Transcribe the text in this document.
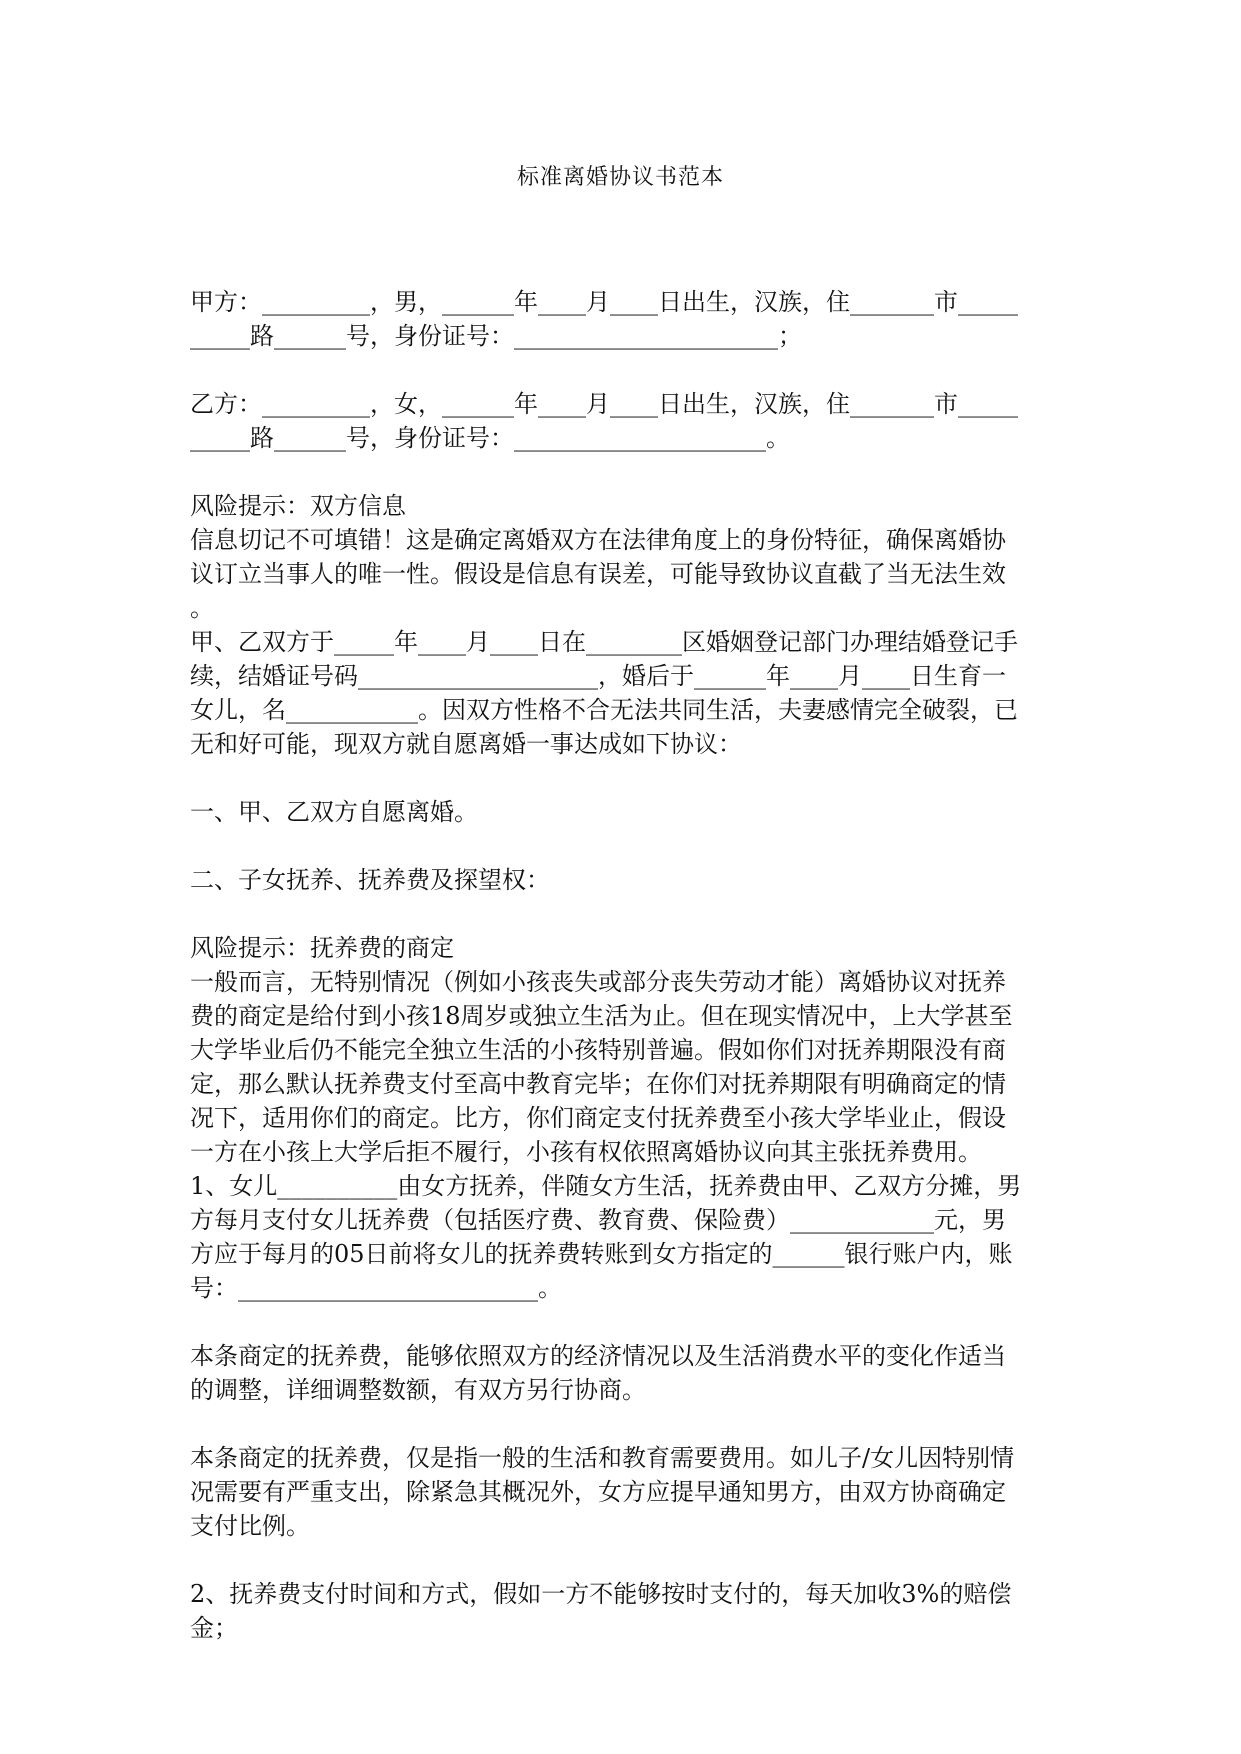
标准离婚协议书范本
甲方：_________，男，______年____月____日出生，汉族，住_______市_____
_____路______号，身份证号：______________________；
乙方：_________，女，______年____月____日出生，汉族，住_______市_____
_____路______号，身份证号：_____________________。
风险提示：双方信息
信息切记不可填错！这是确定离婚双方在法律角度上的身份特征，确保离婚协
议订立当事人的唯一性。假设是信息有误差，可能导致协议直截了当无法生效
。
甲、乙双方于_____年____月____日在________区婚姻登记部门办理结婚登记手
续，结婚证号码____________________，婚后于______年____月____日生育一
女儿，名___________。因双方性格不合无法共同生活，夫妻感情完全破裂，已
无和好可能，现双方就自愿离婚一事达成如下协议：
一、甲、乙双方自愿离婚。
二、子女抚养、抚养费及探望权：
风险提示：抚养费的商定
一般而言，无特别情况（例如小孩丧失或部分丧失劳动才能）离婚协议对抚养
费的商定是给付到小孩18周岁或独立生活为止。但在现实情况中，上大学甚至
大学毕业后仍不能完全独立生活的小孩特别普遍。假如你们对抚养期限没有商
定，那么默认抚养费支付至高中教育完毕；在你们对抚养期限有明确商定的情
况下，适用你们的商定。比方，你们商定支付抚养费至小孩大学毕业止，假设
一方在小孩上大学后拒不履行，小孩有权依照离婚协议向其主张抚养费用。
1、女儿__________由女方抚养，伴随女方生活，抚养费由甲、乙双方分摊，男
方每月支付女儿抚养费（包括医疗费、教育费、保险费）____________元，男
方应于每月的05日前将女儿的抚养费转账到女方指定的______银行账户内，账
号：_________________________。
本条商定的抚养费，能够依照双方的经济情况以及生活消费水平的变化作适当
的调整，详细调整数额，有双方另行协商。
本条商定的抚养费，仅是指一般的生活和教育需要费用。如儿子/女儿因特别情
况需要有严重支出，除紧急其概况外，女方应提早通知男方，由双方协商确定
支付比例。
2、抚养费支付时间和方式，假如一方不能够按时支付的，每天加收3%的赔偿
金；
